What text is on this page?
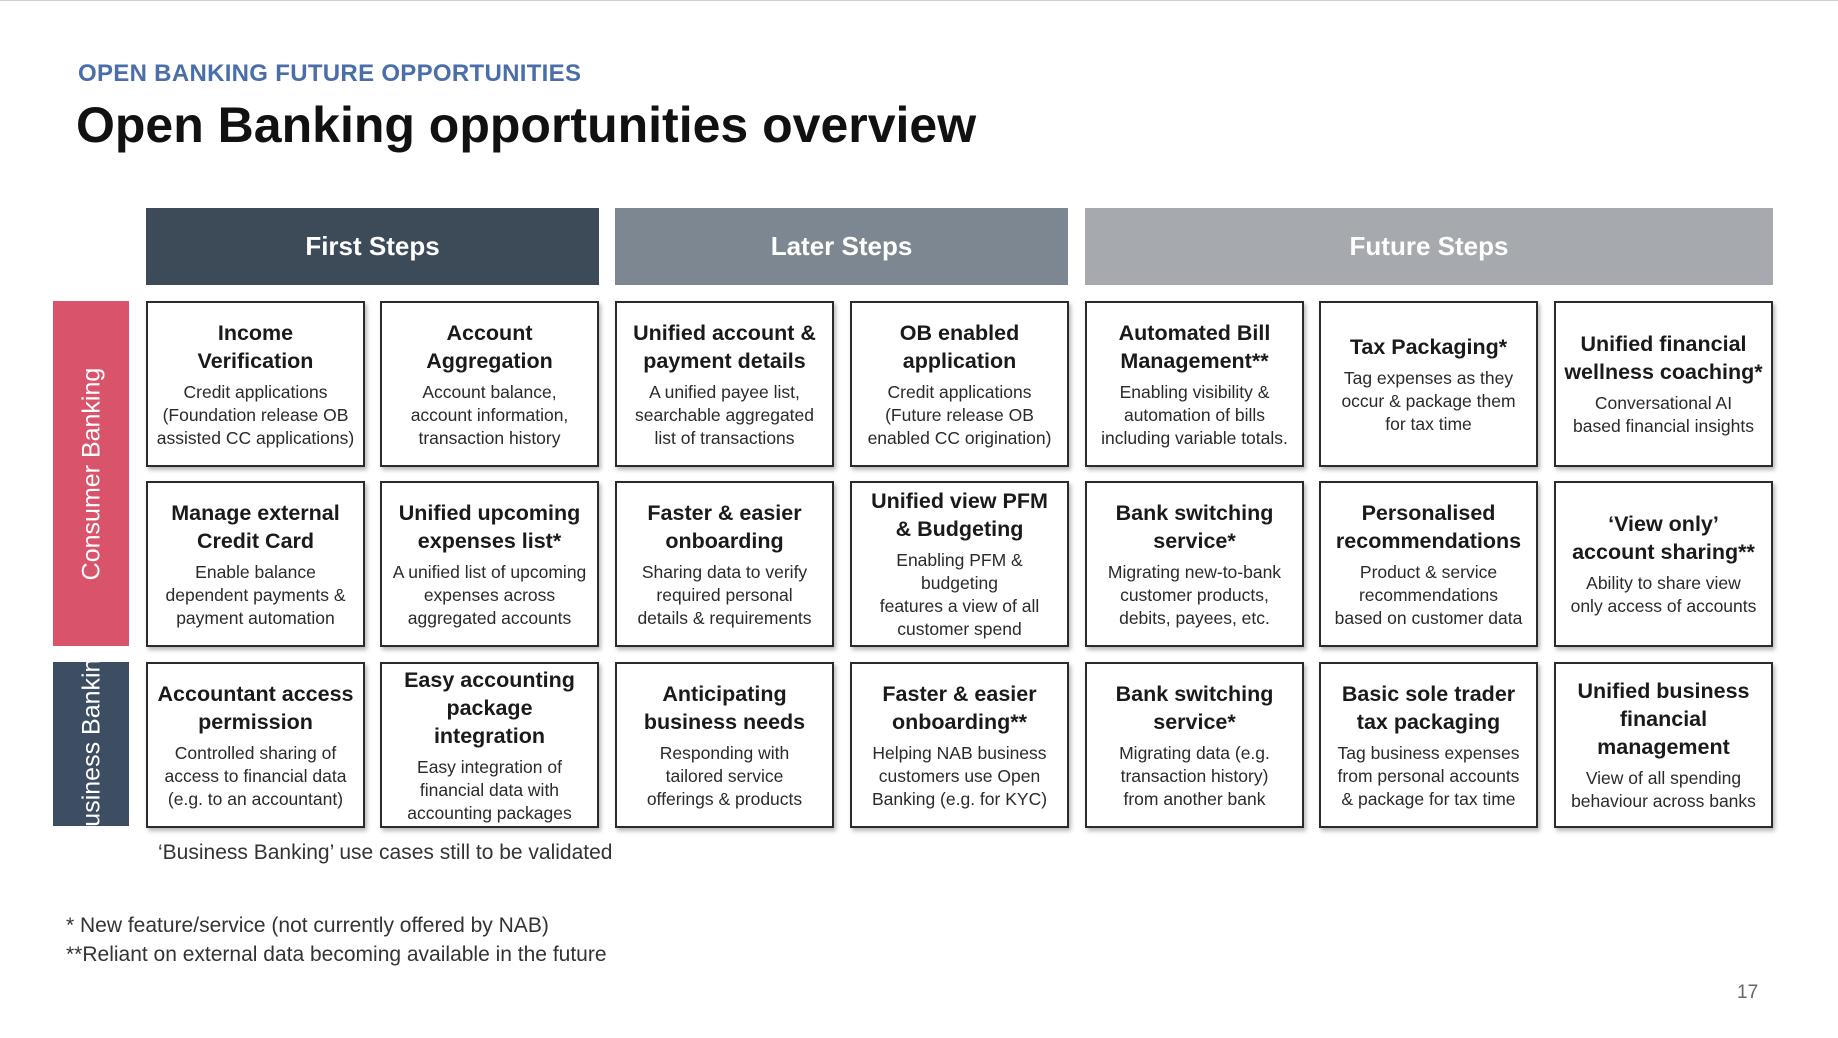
OPEN BANKING FUTURE OPPORTUNITIES
Open Banking opportunities overview
First Steps	Later Steps	Future Steps
Consumer Banking
Business Banking
Income
Verification
Credit applications
(Foundation release OB
assisted CC applications)
Account
Aggregation
Account balance,
account information,
transaction history
Unified account &
payment details
A unified payee list,
searchable aggregated
list of transactions
OB enabled
application
Credit applications
(Future release OB
enabled CC origination)
Automated Bill
Management**
Enabling visibility &
automation of bills
including variable totals.
Tax Packaging*
Tag expenses as they
occur & package them
for tax time
Unified financial
wellness coaching*
Conversational AI
based financial insights
Manage external
Credit Card
Enable balance
dependent payments &
payment automation
Unified upcoming
expenses list*
A unified list of upcoming
expenses across
aggregated accounts
Faster & easier
onboarding
Sharing data to verify
required personal
details & requirements
Unified view PFM
& Budgeting
Enabling PFM & budgeting
features a view of all
customer spend
Bank switching
service*
Migrating new-to-bank
customer products,
debits, payees, etc.
Personalised
recommendations
Product & service
recommendations
based on customer data
‘View only’
account sharing**
Ability to share view
only access of accounts
Accountant access
permission
Controlled sharing of
access to financial data
(e.g. to an accountant)
Easy accounting
package integration
Easy integration of
financial data with
accounting packages
Anticipating
business needs
Responding with
tailored service
offerings & products
Faster & easier
onboarding**
Helping NAB business
customers use Open
Banking (e.g. for KYC)
Bank switching
service*
Migrating data (e.g.
transaction history)
from another bank
Basic sole trader
tax packaging
Tag business expenses
from personal accounts
& package for tax time
Unified business
financial
management
View of all spending
behaviour across banks
‘Business Banking’ use cases still to be validated
* New feature/service (not currently offered by NAB)
**Reliant on external data becoming available in the future
17
